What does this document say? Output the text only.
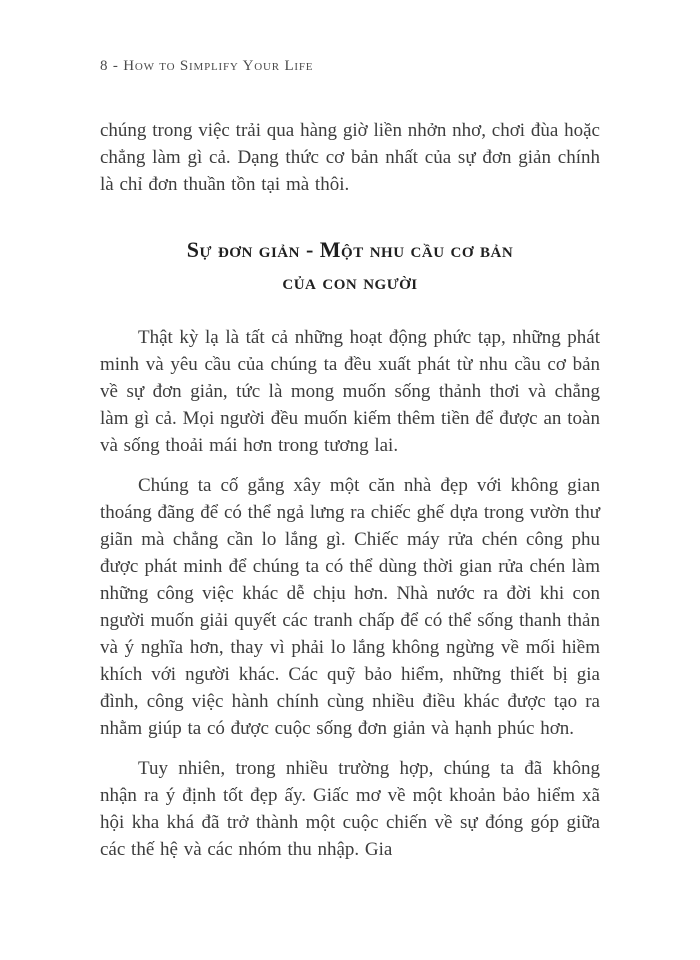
8 - How to Simplify Your Life

chúng trong việc trải qua hàng giờ liền nhởn nhơ, chơi đùa hoặc chẳng làm gì cả. Dạng thức cơ bản nhất của sự đơn giản chính là chỉ đơn thuần tồn tại mà thôi.

Sự đơn giản - Một nhu cầu cơ bản
của con người

Thật kỳ lạ là tất cả những hoạt động phức tạp, những phát minh và yêu cầu của chúng ta đều xuất phát từ nhu cầu cơ bản về sự đơn giản, tức là mong muốn sống thảnh thơi và chẳng làm gì cả. Mọi người đều muốn kiếm thêm tiền để được an toàn và sống thoải mái hơn trong tương lai.

Chúng ta cố gắng xây một căn nhà đẹp với không gian thoáng đãng để có thể ngả lưng ra chiếc ghế dựa trong vườn thư giãn mà chẳng cần lo lắng gì. Chiếc máy rửa chén công phu được phát minh để chúng ta có thể dùng thời gian rửa chén làm những công việc khác dễ chịu hơn. Nhà nước ra đời khi con người muốn giải quyết các tranh chấp để có thể sống thanh thản và ý nghĩa hơn, thay vì phải lo lắng không ngừng về mối hiềm khích với người khác. Các quỹ bảo hiểm, những thiết bị gia đình, công việc hành chính cùng nhiều điều khác được tạo ra nhằm giúp ta có được cuộc sống đơn giản và hạnh phúc hơn.

Tuy nhiên, trong nhiều trường hợp, chúng ta đã không nhận ra ý định tốt đẹp ấy. Giấc mơ về một khoản bảo hiểm xã hội kha khá đã trở thành một cuộc chiến về sự đóng góp giữa các thế hệ và các nhóm thu nhập. Gia
